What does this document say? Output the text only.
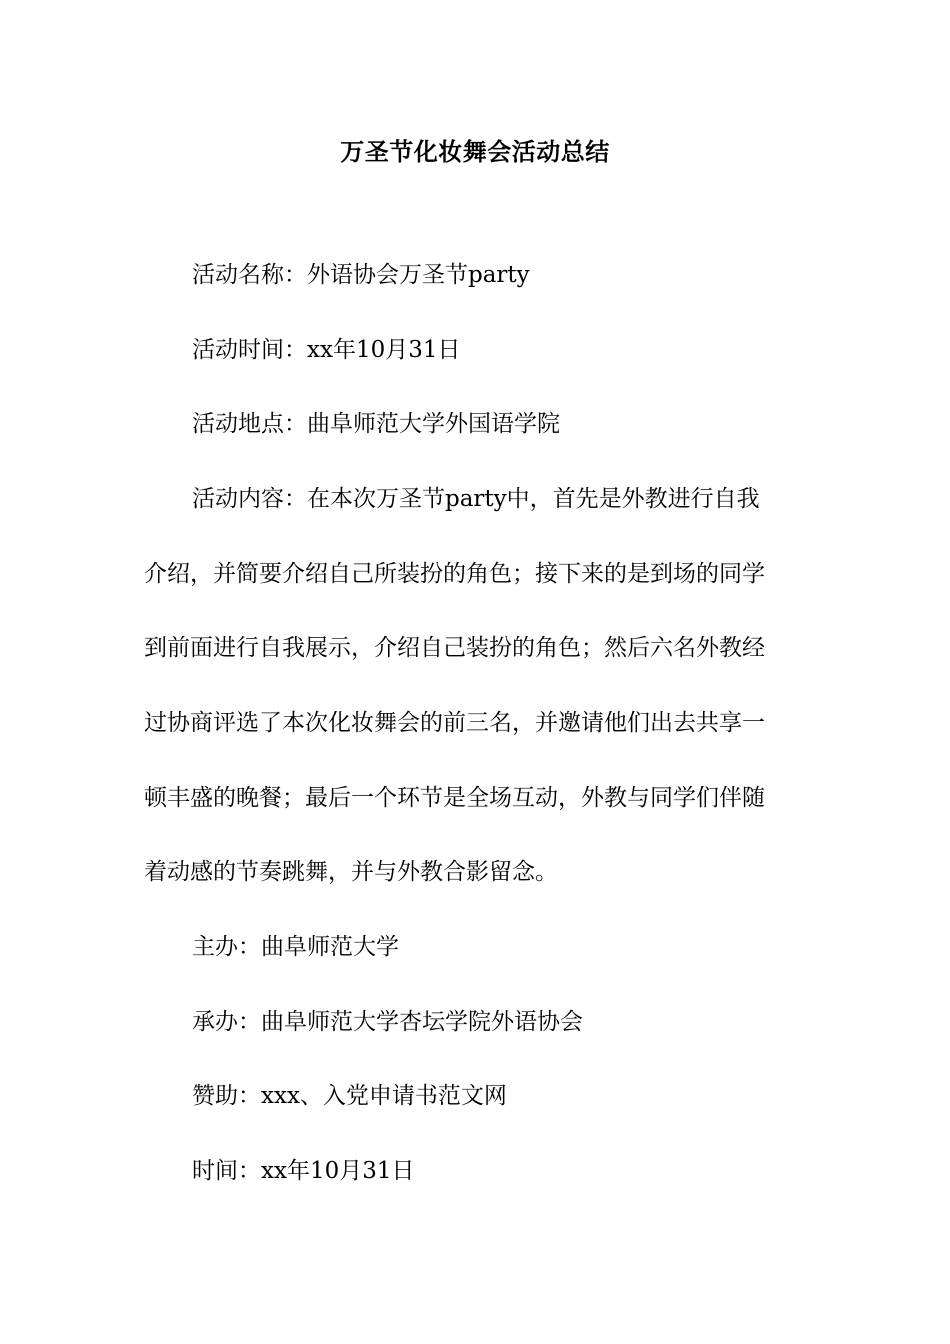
万圣节化妆舞会活动总结
活动名称：外语协会万圣节party
活动时间：xx年10月31日
活动地点：曲阜师范大学外国语学院
活动内容：在本次万圣节party中，首先是外教进行自我
介绍，并简要介绍自己所装扮的角色；接下来的是到场的同学
到前面进行自我展示，介绍自己装扮的角色；然后六名外教经
过协商评选了本次化妆舞会的前三名，并邀请他们出去共享一
顿丰盛的晚餐；最后一个环节是全场互动，外教与同学们伴随
着动感的节奏跳舞，并与外教合影留念。
主办：曲阜师范大学
承办：曲阜师范大学杏坛学院外语协会
赞助：xxx、入党申请书范文网
时间：xx年10月31日
